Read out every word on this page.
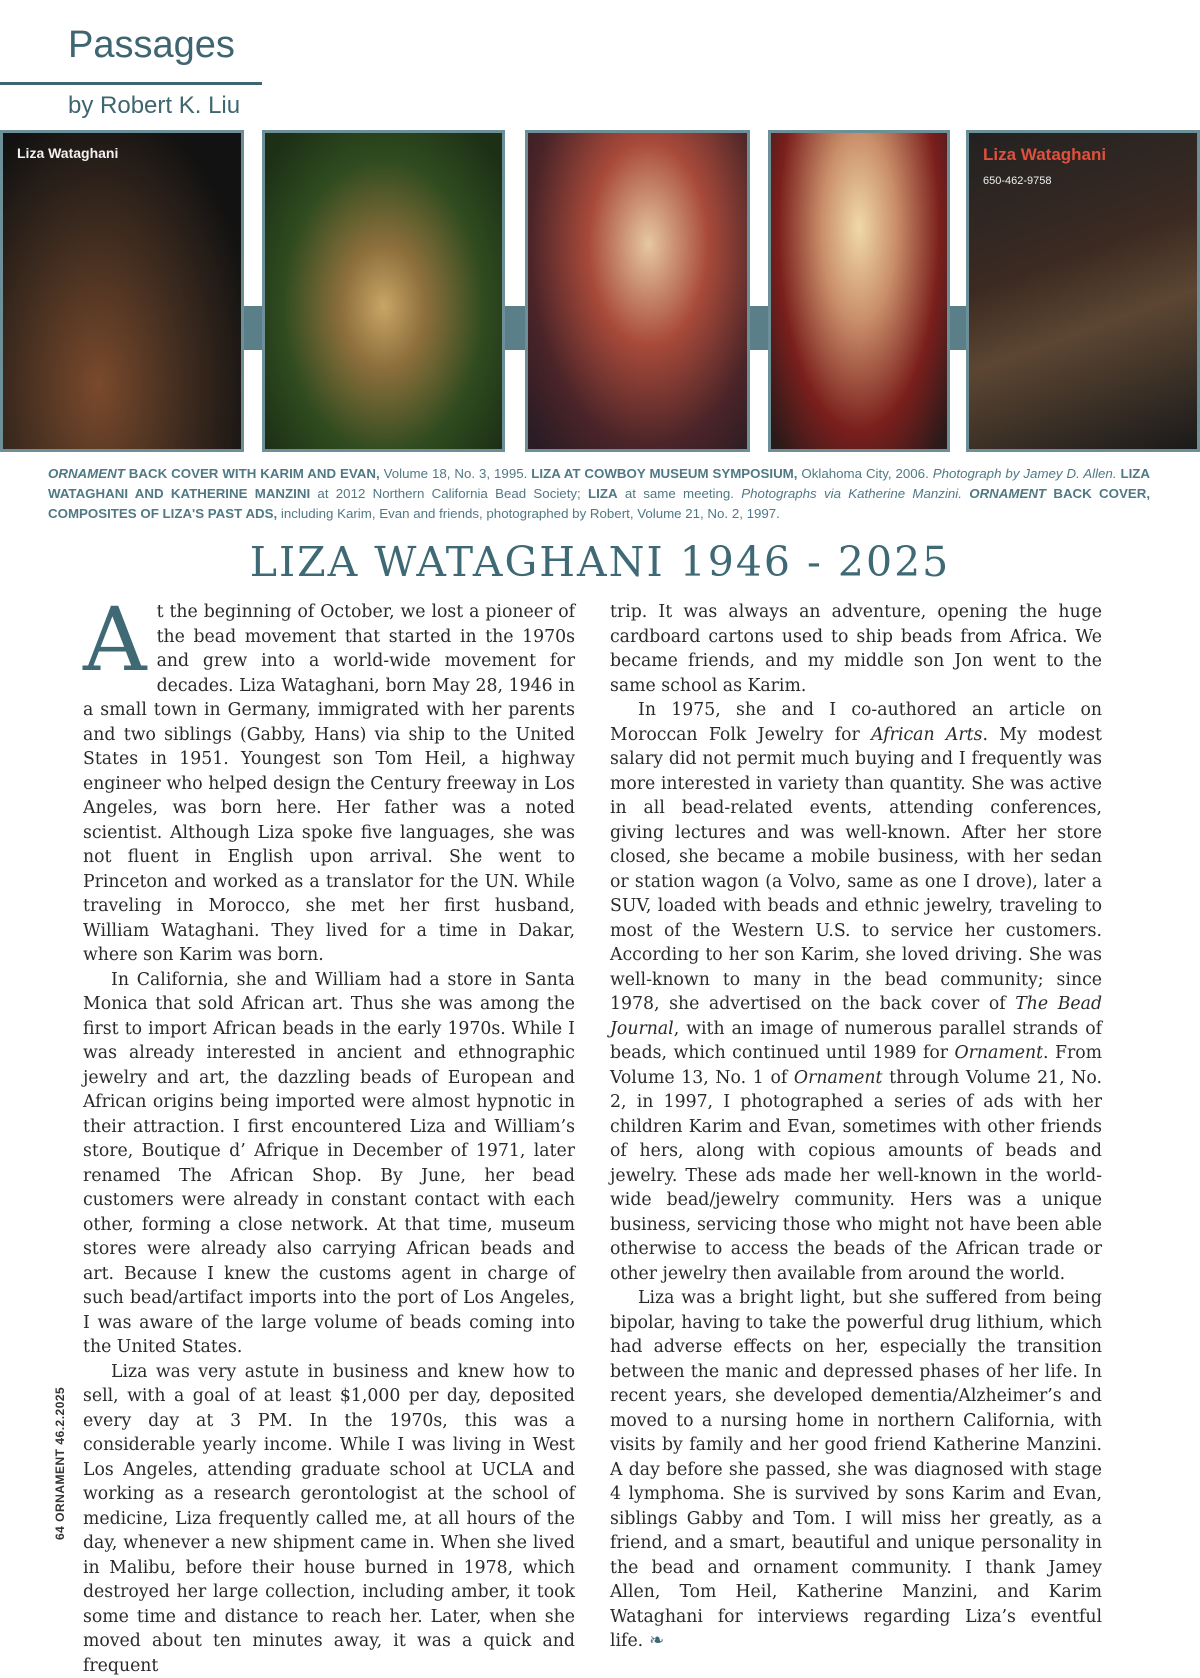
Passages
by Robert K. Liu
Liza Wataghani	Liza Wataghani
650-462-9758
ORNAMENT BACK COVER WITH KARIM AND EVAN, Volume 18, No. 3, 1995. LIZA AT COWBOY MUSEUM SYMPOSIUM, Oklahoma City, 2006. Photograph by Jamey D. Allen. LIZA WATAGHANI AND KATHERINE MANZINI at 2012 Northern California Bead Society; LIZA at same meeting. Photographs via Katherine Manzini. ORNAMENT BACK COVER, COMPOSITES OF LIZA'S PAST ADS, including Karim, Evan and friends, photographed by Robert, Volume 21, No. 2, 1997.
LIZA WATAGHANI 1946 - 2025

At the beginning of October, we lost a pioneer of the bead movement that started in the 1970s and grew into a world-wide movement for decades. Liza Wataghani, born May 28, 1946 in a small town in Germany, immigrated with her parents and two siblings (Gabby, Hans) via ship to the United States in 1951. Youngest son Tom Heil, a highway engineer who helped design the Century freeway in Los Angeles, was born here. Her father was a noted scientist. Although Liza spoke five languages, she was not fluent in English upon arrival. She went to Princeton and worked as a translator for the UN. While traveling in Morocco, she met her first husband, William Wataghani. They lived for a time in Dakar, where son Karim was born.

In California, she and William had a store in Santa Monica that sold African art. Thus she was among the first to import African beads in the early 1970s. While I was already interested in ancient and ethnographic jewelry and art, the dazzling beads of European and African origins being imported were almost hypnotic in their attraction. I first encountered Liza and William’s store, Boutique d’ Afrique in December of 1971, later renamed The African Shop. By June, her bead customers were already in constant contact with each other, forming a close network. At that time, museum stores were already also carrying African beads and art. Because I knew the customs agent in charge of such bead/artifact imports into the port of Los Angeles, I was aware of the large volume of beads coming into the United States.

Liza was very astute in business and knew how to sell, with a goal of at least $1,000 per day, deposited every day at 3 PM. In the 1970s, this was a considerable yearly income. While I was living in West Los Angeles, attending graduate school at UCLA and working as a research gerontologist at the school of medicine, Liza frequently called me, at all hours of the day, whenever a new shipment came in. When she lived in Malibu, before their house burned in 1978, which destroyed her large collection, including amber, it took some time and distance to reach her. Later, when she moved about ten minutes away, it was a quick and frequent

trip. It was always an adventure, opening the huge cardboard cartons used to ship beads from Africa. We became friends, and my middle son Jon went to the same school as Karim.

In 1975, she and I co-authored an article on Moroccan Folk Jewelry for African Arts. My modest salary did not permit much buying and I frequently was more interested in variety than quantity. She was active in all bead-related events, attending conferences, giving lectures and was well-known. After her store closed, she became a mobile business, with her sedan or station wagon (a Volvo, same as one I drove), later a SUV, loaded with beads and ethnic jewelry, traveling to most of the Western U.S. to service her customers. According to her son Karim, she loved driving. She was well-known to many in the bead community; since 1978, she advertised on the back cover of The Bead Journal, with an image of numerous parallel strands of beads, which continued until 1989 for Ornament. From Volume 13, No. 1 of Ornament through Volume 21, No. 2, in 1997, I photographed a series of ads with her children Karim and Evan, sometimes with other friends of hers, along with copious amounts of beads and jewelry. These ads made her well-known in the world-wide bead/jewelry community. Hers was a unique business, servicing those who might not have been able otherwise to access the beads of the African trade or other jewelry then available from around the world.

Liza was a bright light, but she suffered from being bipolar, having to take the powerful drug lithium, which had adverse effects on her, especially the transition between the manic and depressed phases of her life. In recent years, she developed dementia/Alzheimer’s and moved to a nursing home in northern California, with visits by family and her good friend Katherine Manzini. A day before she passed, she was diagnosed with stage 4 lymphoma. She is survived by sons Karim and Evan, siblings Gabby and Tom. I will miss her greatly, as a friend, and a smart, beautiful and unique personality in the bead and ornament community. I thank Jamey Allen, Tom Heil, Katherine Manzini, and Karim Wataghani for interviews regarding Liza’s eventful life. ❧

64 ORNAMENT 46.2.2025
